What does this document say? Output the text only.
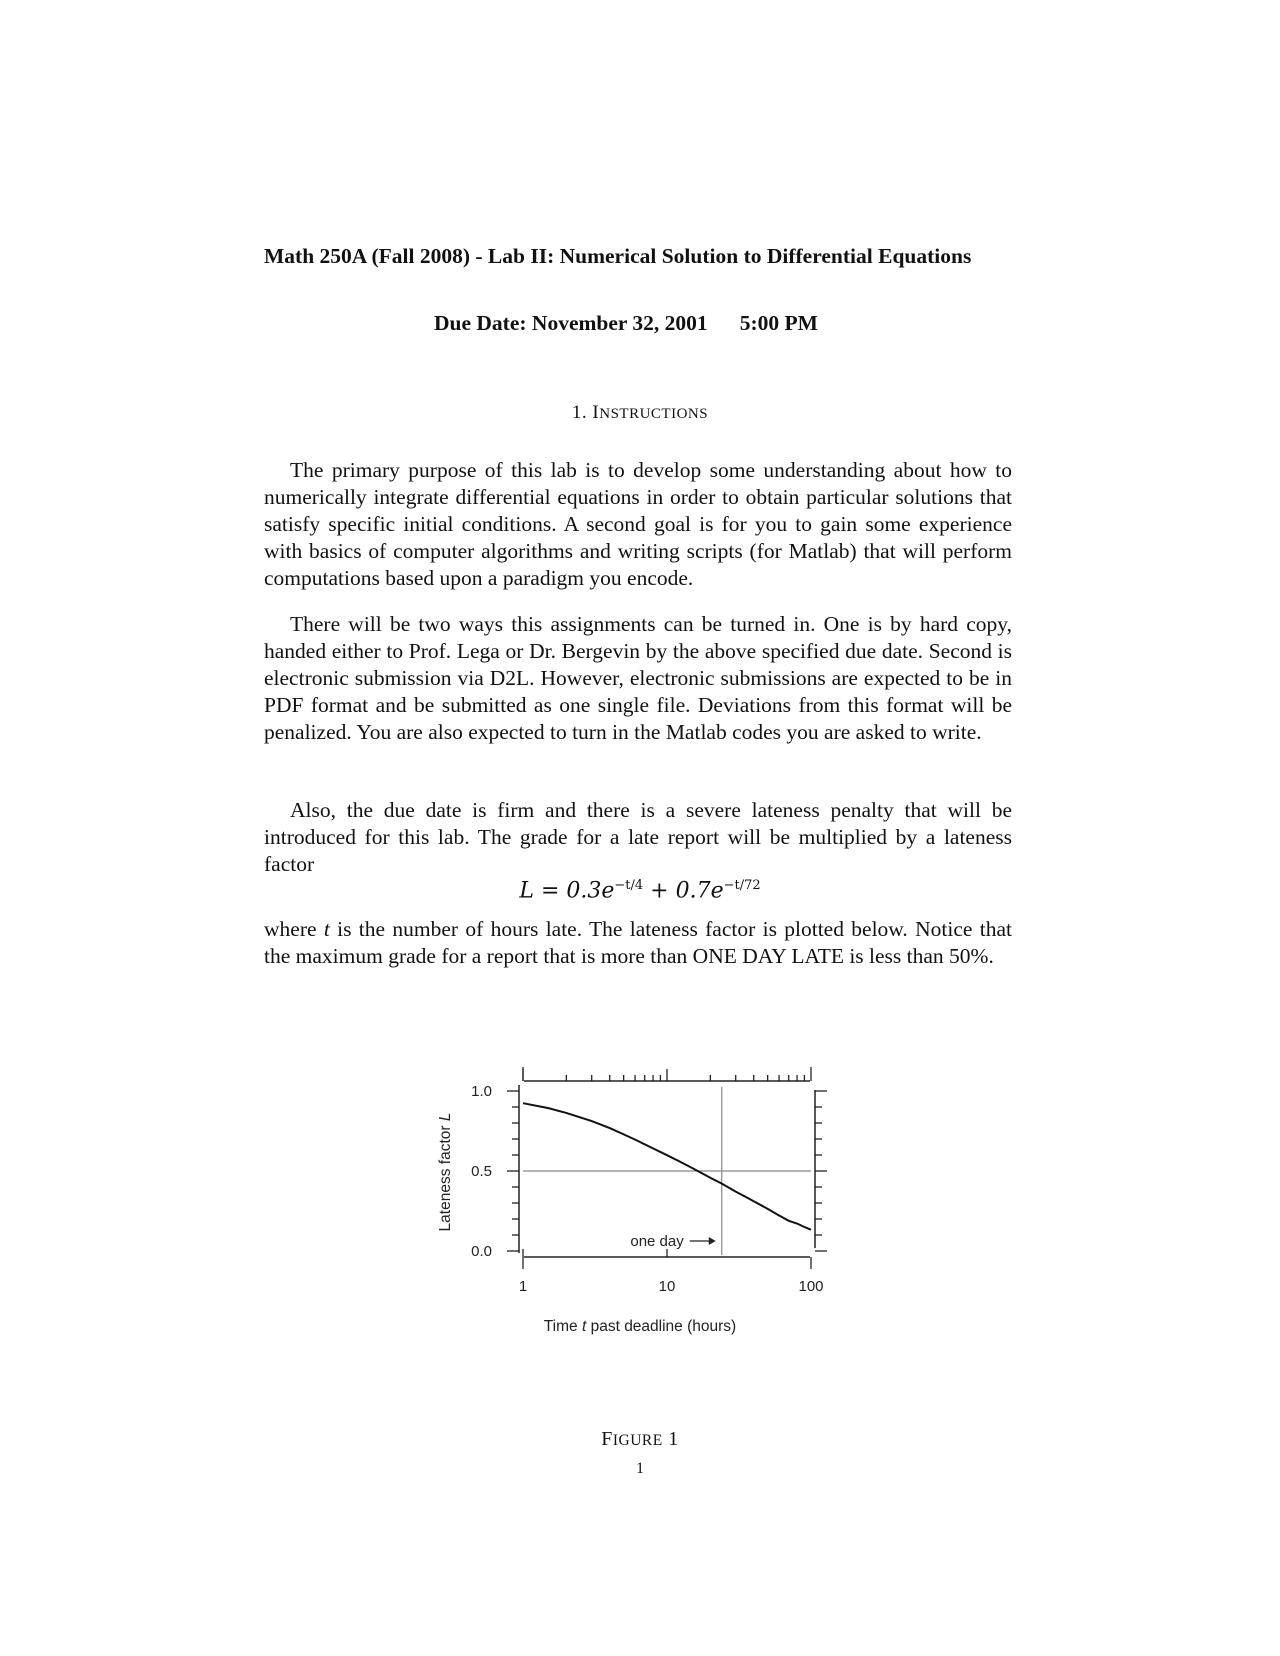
Math 250A (Fall 2008) - Lab II: Numerical Solution to Differential Equations
Due Date: November 32, 2001 5:00 PM
1. INSTRUCTIONS
The primary purpose of this lab is to develop some understanding about how to numerically integrate differential equations in order to obtain particular solutions that satisfy specific initial conditions. A second goal is for you to gain some experience with basics of computer algorithms and writing scripts (for Matlab) that will perform computations based upon a paradigm you encode.
There will be two ways this assignments can be turned in. One is by hard copy, handed either to Prof. Lega or Dr. Bergevin by the above specified due date. Second is electronic submission via D2L. However, electronic submissions are expected to be in PDF format and be submitted as one single file. Deviations from this format will be penalized. You are also expected to turn in the Matlab codes you are asked to write.
Also, the due date is firm and there is a severe lateness penalty that will be introduced for this lab. The grade for a late report will be multiplied by a lateness factor
$L = 0.3e^{-t/4} + 0.7e^{-t/72}$
where t is the number of hours late. The lateness factor is plotted below. Notice that the maximum grade for a report that is more than ONE DAY LATE is less than 50%.
one day
0.0
0.5
1.0
1	10	100
Time t past deadline (hours)
Lateness factor L
FIGURE 1
1
